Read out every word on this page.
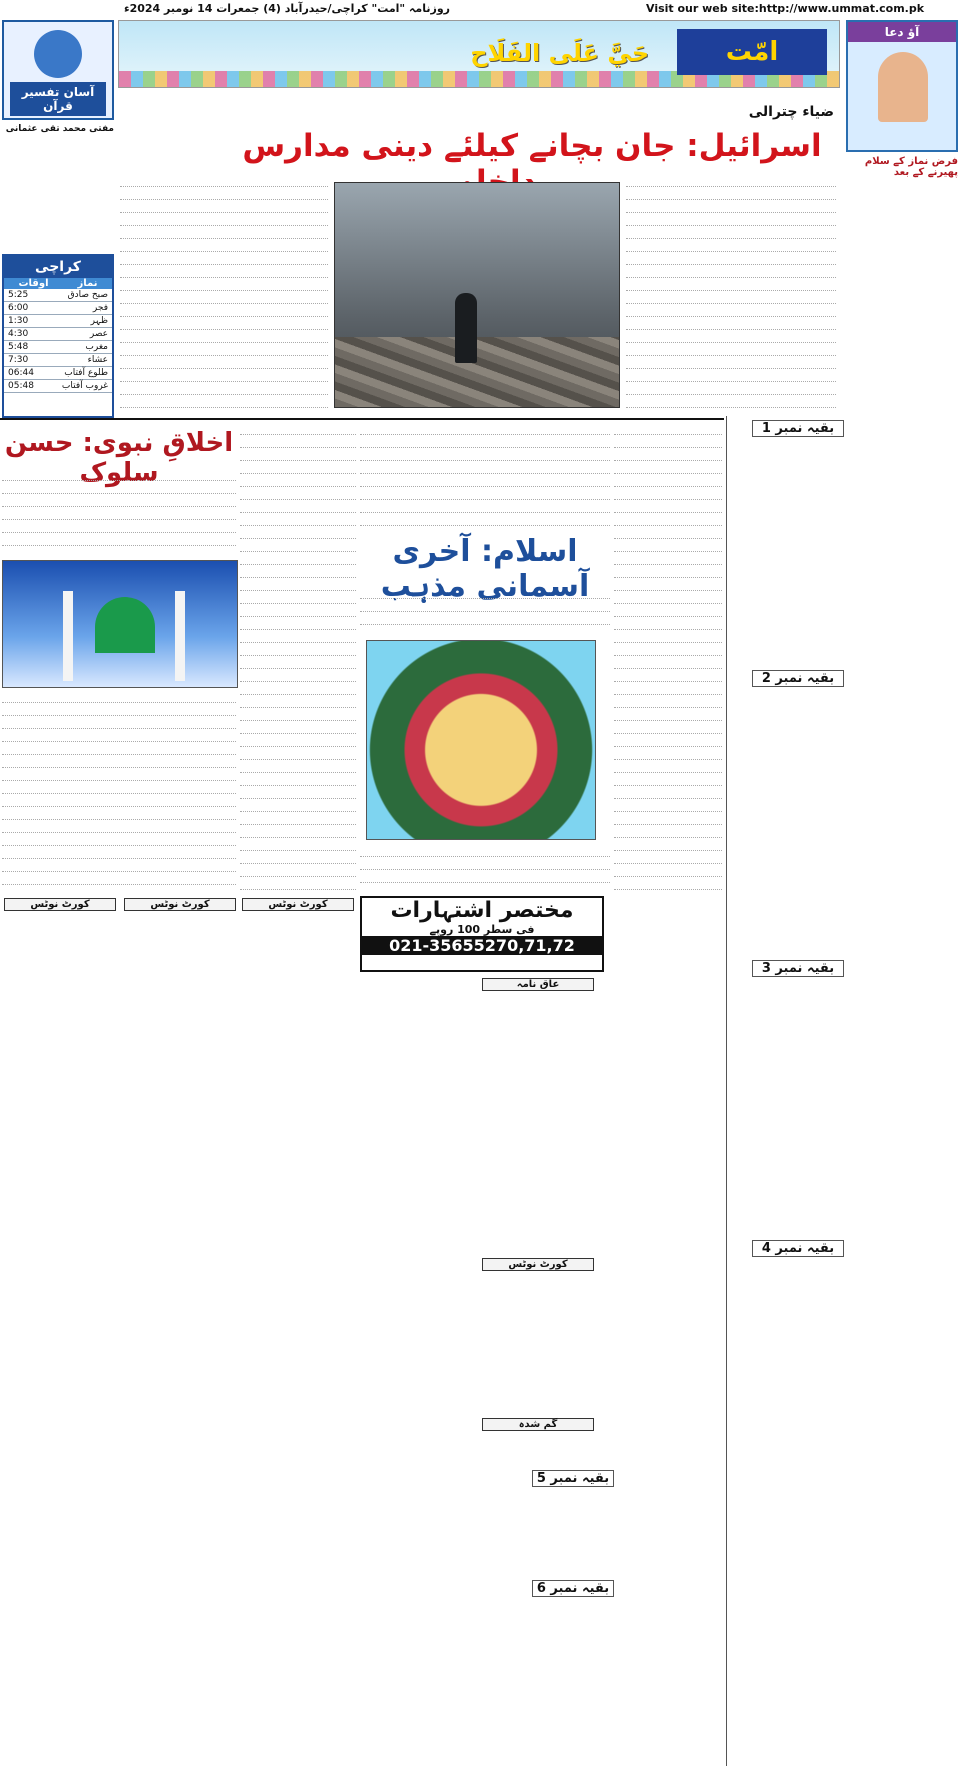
Visit our web site:http://www.ummat.com.pk
روزنامہ "امت" کراچی/حیدرآباد (4) جمعرات 14 نومبر 2024ء
امّت
حَيَّ عَلَى الفَلَاح
آؤ دعا
فرض نماز کے سلام پھیرنے کے بعد
آسان تفسیر قرآن
مفتی محمد تقی عثمانی
کراچی
اوقات	نماز
5:25	صبح صادق
6:00	فجر
1:30	ظہر
4:30	عصر
5:48	مغرب
7:30	عشاء
06:44	طلوع آفتاب
05:48	غروب آفتاب
ضیاء چترالی
اسرائیل: جان بچانے کیلئے دینی مدارس
اخلاقِ نبوی: حسن سلوک
اسلام: آخری آسمانی مذہب
بقیہ نمبر 1
بقیہ نمبر 2
بقیہ نمبر 3
بقیہ نمبر 4
بقیہ نمبر 5
بقیہ نمبر 6
مختصر اشتہارات
فی سطر 100 روپے
021-35655270,71,72
کورٹ نوٹس	کورٹ نوٹس	کورٹ نوٹس
عاق نامہ
کورٹ نوٹس
گم شدہ
